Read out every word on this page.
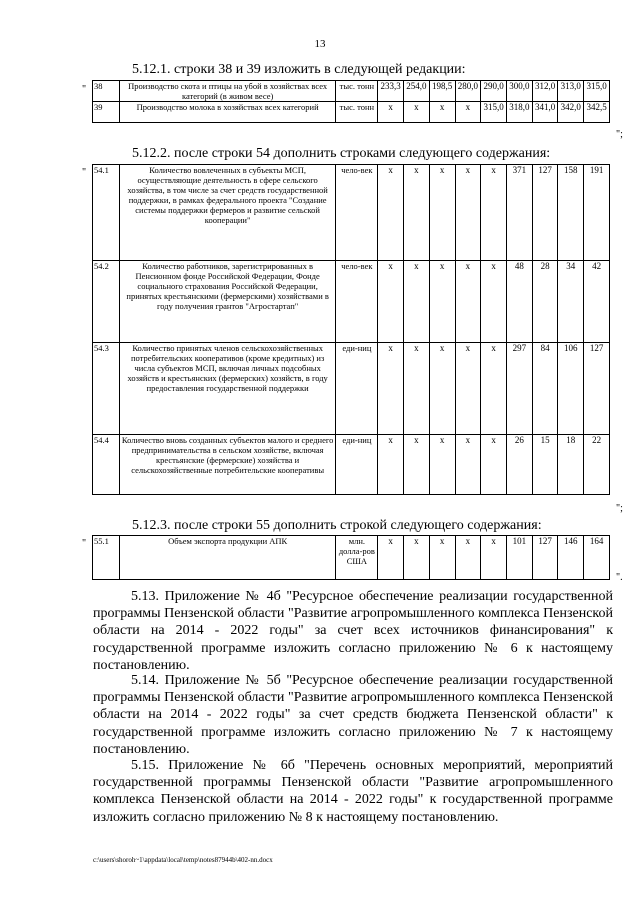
13
5.12.1. строки 38 и 39 изложить в следующей редакции:
" 38	Производство скота и птицы на убой в хозяйствах всех категорий (в живом весе)	тыс. тонн	233,3	254,0	198,5	280,0	290,0	300,0	312,0	313,0	315,0
39	Производство молока в хозяйствах всех категорий	тыс. тонн	х	х	х	х	315,0	318,0	341,0	342,0	342,5
";
5.12.2. после строки 54 дополнить строками следующего содержания:
" 54.1	Количество вовлеченных в субъекты МСП, осуществляющие деятельность в сфере сельского хозяйства, в том числе за счет средств государственной поддержки, в рамках федерального проекта "Создание системы поддержки фермеров и развитие сельской кооперации"	чело-век	х	х	х	х	х	371	127	158	191
54.2	Количество работников, зарегистрированных в Пенсионном фонде Российской Федерации, Фонде социального страхования Российской Федерации, принятых крестьянскими (фермерскими) хозяйствами в году получения грантов "Агростартап"	чело-век	х	х	х	х	х	48	28	34	42
54.3	Количество принятых членов сельскохозяйственных потребительских кооперативов (кроме кредитных) из числа субъектов МСП, включая личных подсобных хозяйств и крестьянских (фермерских) хозяйств, в году предоставления государственной поддержки	еди-ниц	х	х	х	х	х	297	84	106	127
54.4	Количество вновь созданных субъектов малого и среднего предпринимательства в сельском хозяйстве, включая крестьянские (фермерские) хозяйства и сельскохозяйственные потребительские кооперативы	еди-ниц	х	х	х	х	х	26	15	18	22
";
5.12.3. после строки 55 дополнить строкой следующего содержания:
" 55.1	Объем экспорта продукции АПК	млн. долла-ров США	х	х	х	х	х	101	127	146	164
".
5.13. Приложение № 4б "Ресурсное обеспечение реализации государственной программы Пензенской области "Развитие агропромышленного комплекса Пензенской области на 2014 - 2022 годы" за счет всех источников финансирования" к государственной программе изложить согласно приложению № 6 к настоящему постановлению.
5.14. Приложение № 5б "Ресурсное обеспечение реализации государственной программы Пензенской области "Развитие агропромышленного комплекса Пензенской области на 2014 - 2022 годы" за счет средств бюджета Пензенской области" к государственной программе изложить согласно приложению № 7 к настоящему постановлению.
5.15. Приложение № 6б "Перечень основных мероприятий, мероприятий государственной программы Пензенской области "Развитие агропромышленного комплекса Пензенской области на 2014 - 2022 годы" к государственной программе изложить согласно приложению № 8 к настоящему постановлению.
c:\users\shoroh~1\appdata\local\temp\notes87944b\402-nn.docx
